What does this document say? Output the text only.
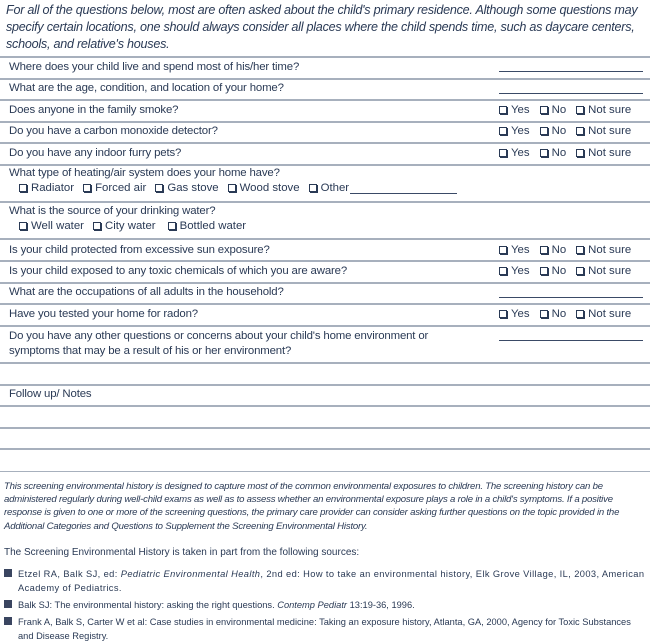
For all of the questions below, most are often asked about the child's primary residence. Although some questions may specify certain locations, one should always consider all places where the child spends time, such as daycare centers, schools, and relative's houses.
Where does your child live and spend most of his/her time?
What are the age, condition, and location of your home?
Does anyone in the family smoke?	Yes No Not sure
Do you have a carbon monoxide detector?	Yes No Not sure
Do you have any indoor furry pets?	Yes No Not sure
What type of heating/air system does your home have?
Radiator Forced air Gas stove Wood stove Other
What is the source of your drinking water?
Well water City water Bottled water
Is your child protected from excessive sun exposure?	Yes No Not sure
Is your child exposed to any toxic chemicals of which you are aware?	Yes No Not sure
What are the occupations of all adults in the household?
Have you tested your home for radon?	Yes No Not sure
Do you have any other questions or concerns about your child's home environment or symptoms that may be a result of his or her environment?
Follow up/ Notes
This screening environmental history is designed to capture most of the common environmental exposures to children. The screening history can be administered regularly during well-child exams as well as to assess whether an environmental exposure plays a role in a child's symptoms. If a positive response is given to one or more of the screening questions, the primary care provider can consider asking further questions on the topic provided in the Additional Categories and Questions to Supplement the Screening Environmental History.
The Screening Environmental History is taken in part from the following sources:
Etzel RA, Balk SJ, ed: Pediatric Environmental Health, 2nd ed: How to take an environmental history, Elk Grove Village, IL, 2003, American Academy of Pediatrics.
Balk SJ: The environmental history: asking the right questions. Contemp Pediatr 13:19-36, 1996.
Frank A, Balk S, Carter W et al: Case studies in environmental medicine: Taking an exposure history, Atlanta, GA, 2000, Agency for Toxic Substances and Disease Registry.
